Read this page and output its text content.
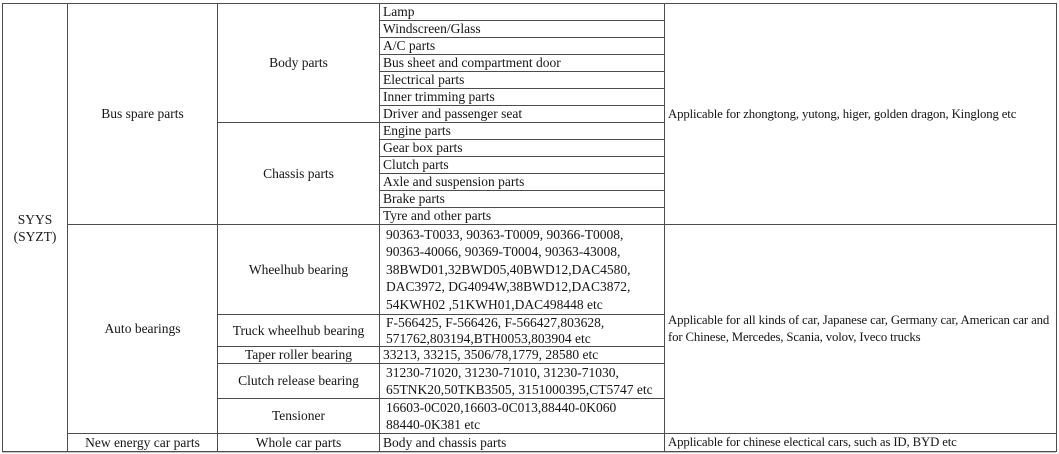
SYYS
(SYZT)	Bus spare parts	Body parts	Lamp	Applicable for zhongtong, yutong, higer, golden dragon, Kinglong etc

			Windscreen/Glass	

			A/C parts	

			Bus sheet and compartment door	

			Electrical parts	

			Inner trimming parts	

			Driver and passenger seat	

		Chassis parts	Engine parts	

			Gear box parts	

			Clutch parts	

			Axle and suspension parts	

			Brake parts	

			Tyre and other parts	

	Auto bearings	Wheelhub bearing	90363-T0033, 90363-T0009, 90366-T0008,
90363-40066, 90369-T0004, 90363-43008,
38BWD01,32BWD05,40BWD12,DAC4580,
DAC3972, DG4094W,38BWD12,DAC3872,
54KWH02 ,51KWH01,DAC498448 etc	Applicable for all kinds of car, Japanese car, Germany car, American car and for Chinese, Mercedes, Scania, volov, Iveco trucks

		Truck wheelhub bearing	F-566425, F-566426, F-566427,803628,
571762,803194,BTH0053,803904 etc	

		Taper roller bearing	33213, 33215, 3506/78,1779, 28580 etc	

		Clutch release bearing	31230-71020, 31230-71010, 31230-71030,
65TNK20,50TKB3505, 3151000395,CT5747 etc	

		Tensioner	16603-0C020,16603-0C013,88440-0K060
88440-0K381 etc	

	New energy car parts	Whole car parts	Body and chassis parts	Applicable for chinese electical cars, such as ID, BYD etc
